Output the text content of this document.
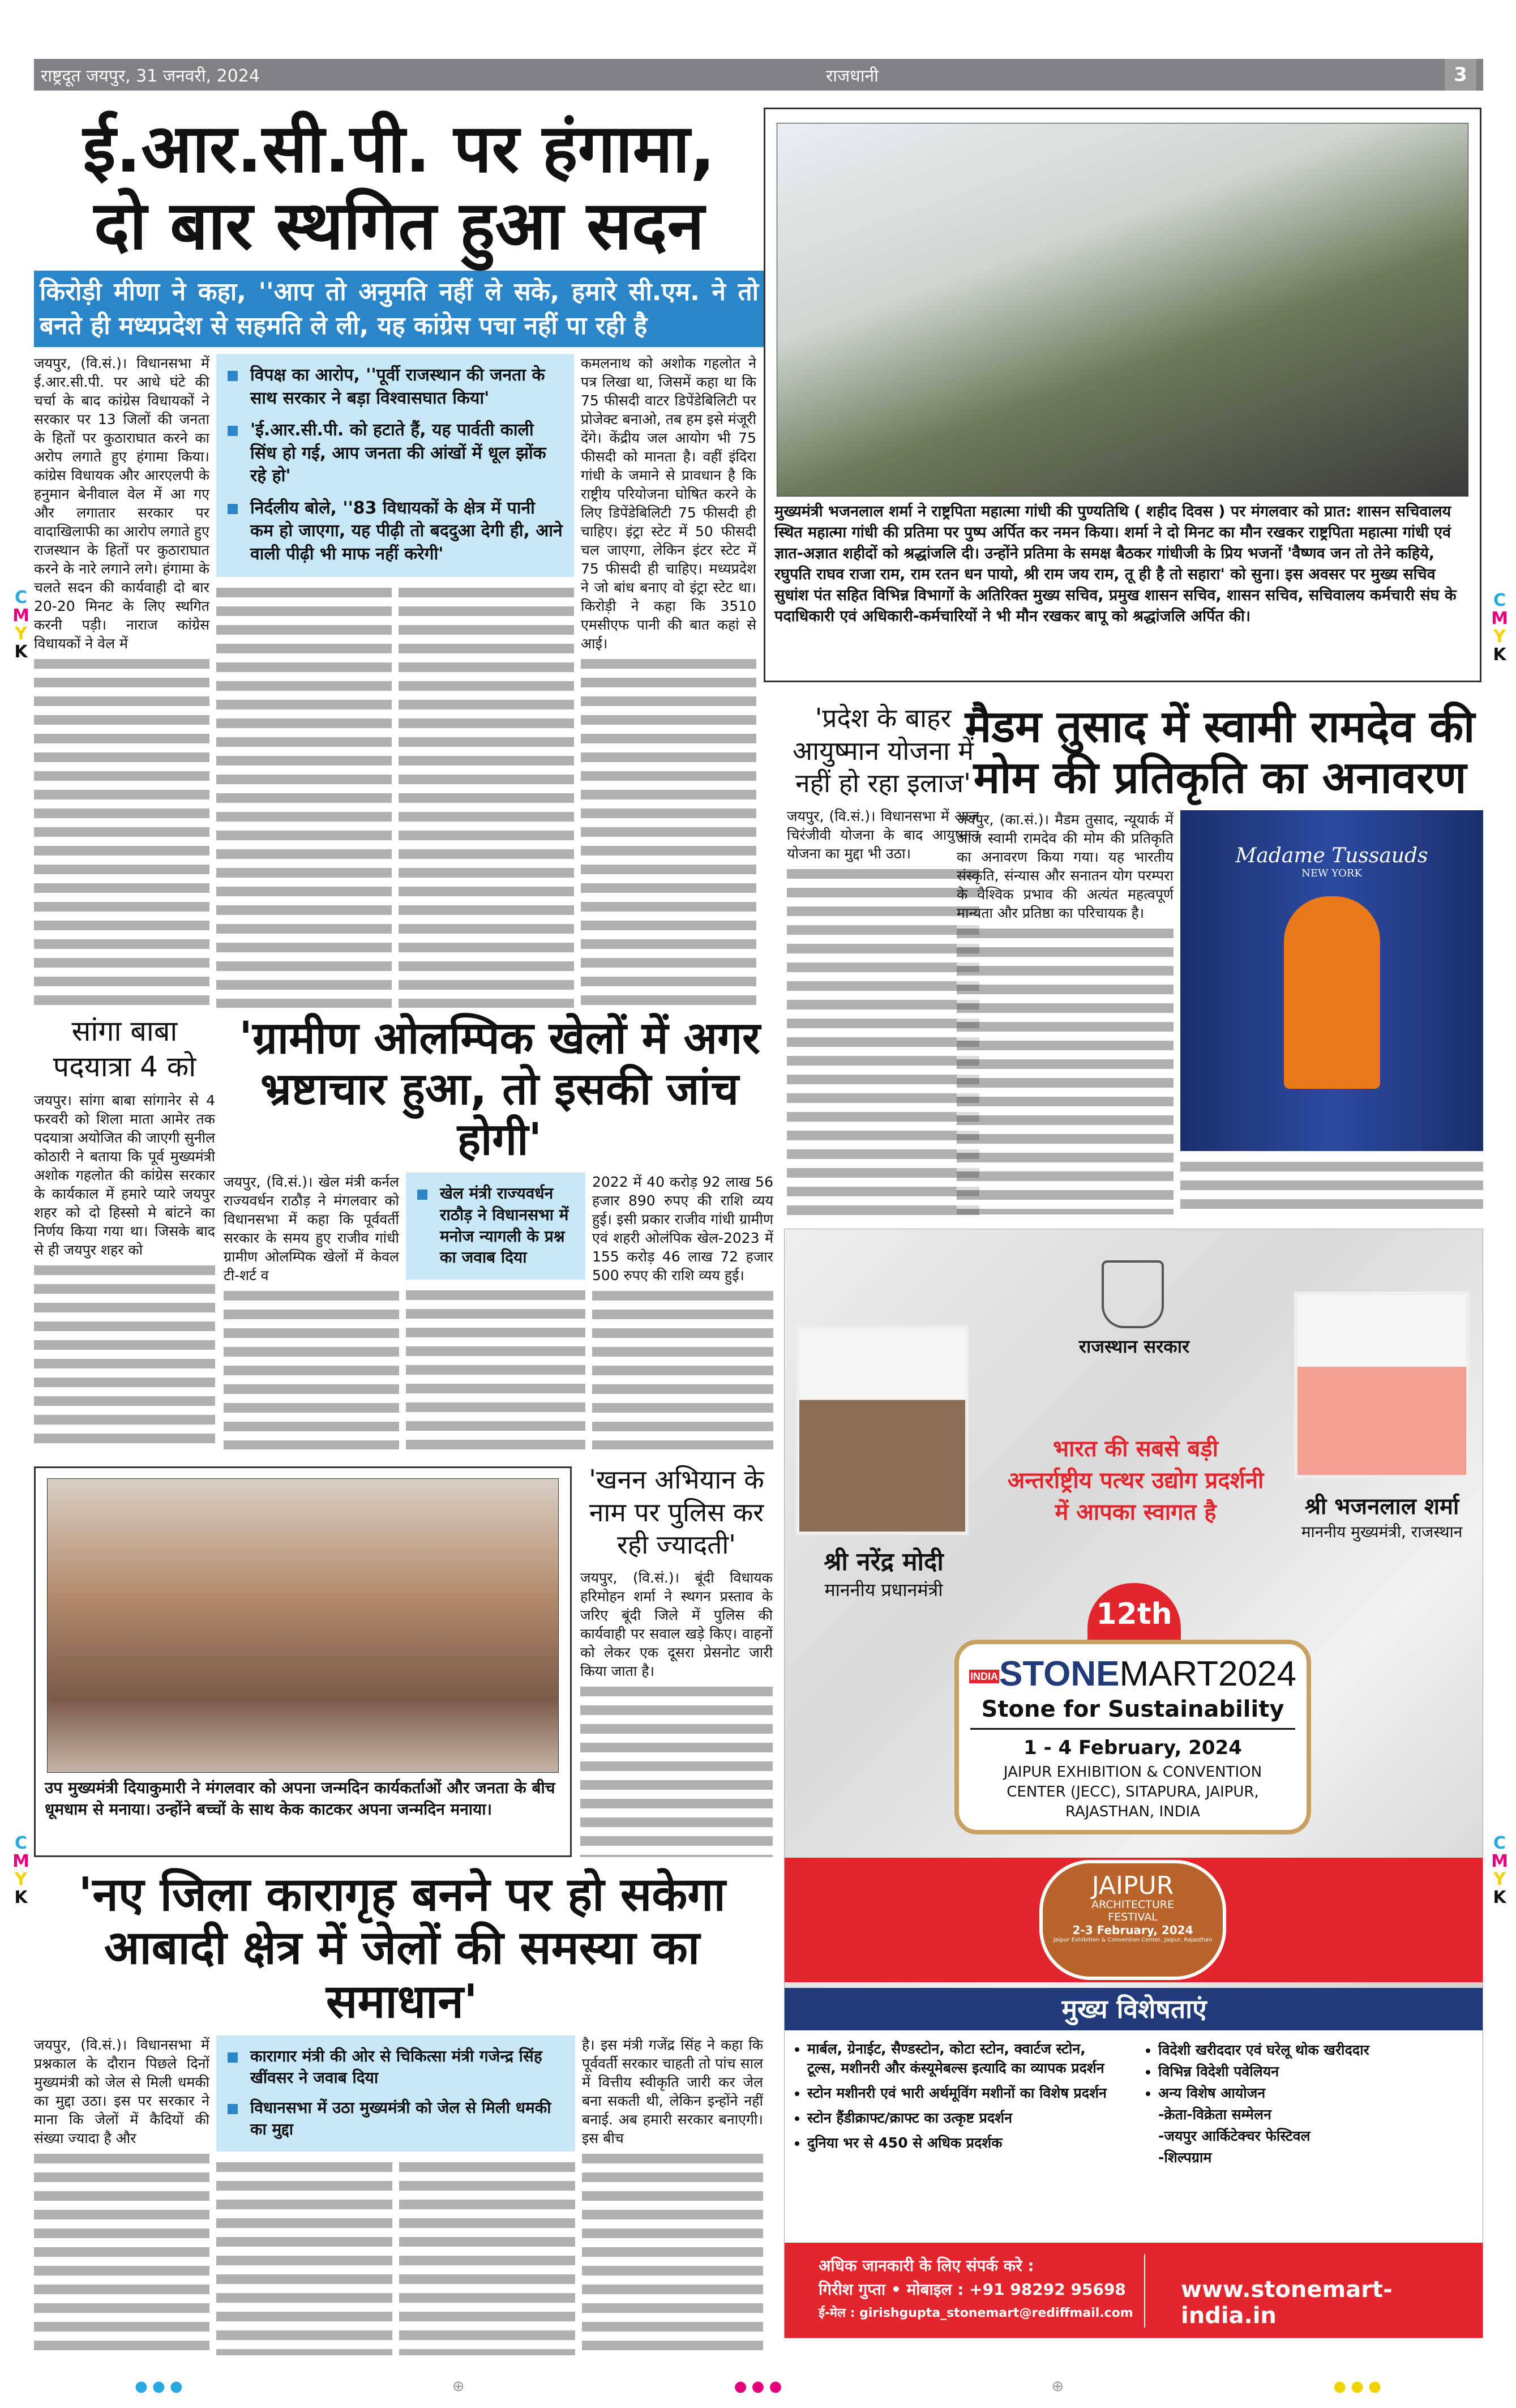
राष्ट्रदूत जयपुर, 31 जनवरी, 2024	राजधानी	3
C
M
Y
K
C
M
Y
K
C
M
Y
K
C
M
Y
K
ई.आर.सी.पी. पर हंगामा, दो बार स्थगित हुआ सदन
किरोड़ी मीणा ने कहा, ''आप तो अनुमति नहीं ले सके, हमारे सी.एम. ने तो बनते ही मध्यप्रदेश से सहमति ले ली, यह कांग्रेस पचा नहीं पा रही है

जयपुर, (वि.सं.)। विधानसभा में ई.आर.सी.पी. पर आधे घंटे की चर्चा के बाद कांग्रेस विधायकों ने सरकार पर 13 जिलों की जनता के हितों पर कुठाराघात करने का अरोप लगाते हुए हंगामा किया। कांग्रेस विधायक और आरएलपी के हनुमान बेनीवाल वेल में आ गए और लगातार सरकार पर वादाखिलाफी का आरोप लगाते हुए राजस्थान के हितों पर कुठाराघात करने के नारे लगाने लगे। हंगामा के चलते सदन की कार्यवाही दो बार 20-20 मिनट के लिए स्थगित करनी पड़ी। नाराज कांग्रेस विधायकों ने वेल में

विपक्ष का आरोप, ''पूर्वी राजस्थान की जनता के साथ सरकार ने बड़ा विश्वासघात किया'
'ई.आर.सी.पी. को हटाते हैं, यह पार्वती काली सिंध हो गई, आप जनता की आंखों में धूल झोंक रहे हो'
निर्दलीय बोले, ''83 विधायकों के क्षेत्र में पानी कम हो जाएगा, यह पीढ़ी तो बददुआ देगी ही, आने वाली पीढ़ी भी माफ नहीं करेगी'

कमलनाथ को अशोक गहलोत ने पत्र लिखा था, जिसमें कहा था कि 75 फीसदी वाटर डिपेंडेबिलिटी पर प्रोजेक्ट बनाओ, तब हम इसे मंजूरी देंगे। केंद्रीय जल आयोग भी 75 फीसदी को मानता है। वहीं इंदिरा गांधी के जमाने से प्रावधान है कि राष्ट्रीय परियोजना घोषित करने के लिए डिपेंडेबिलिटी 75 फीसदी ही चाहिए। इंट्रा स्टेट में 50 फीसदी चल जाएगा, लेकिन इंटर स्टेट में 75 फीसदी ही चाहिए। मध्यप्रदेश ने जो बांध बनाए वो इंट्रा स्टेट था। किरोड़ी ने कहा कि 3510 एमसीएफ पानी की बात कहां से आई।

मुख्यमंत्री भजनलाल शर्मा ने राष्ट्रपिता महात्मा गांधी की पुण्यतिथि ( शहीद दिवस ) पर मंगलवार को प्रात: शासन सचिवालय स्थित महात्मा गांधी की प्रतिमा पर पुष्प अर्पित कर नमन किया। शर्मा ने दो मिनट का मौन रखकर राष्ट्रपिता महात्मा गांधी एवं ज्ञात-अज्ञात शहीदों को श्रद्धांजलि दी। उन्होंने प्रतिमा के समक्ष बैठकर गांधीजी के प्रिय भजनों 'वैष्णव जन तो तेने कहिये, रघुपति राघव राजा राम, राम रतन धन पायो, श्री राम जय राम, तू ही है तो सहारा' को सुना। इस अवसर पर मुख्य सचिव सुधांश पंत सहित विभिन्न विभागों के अतिरिक्त मुख्य सचिव, प्रमुख शासन सचिव, शासन सचिव, सचिवालय कर्मचारी संघ के पदाधिकारी एवं अधिकारी-कर्मचारियों ने भी मौन रखकर बापू को श्रद्धांजलि अर्पित की।

'प्रदेश के बाहर आयुष्मान योजना में नहीं हो रहा इलाज'

जयपुर, (वि.सं.)। विधानसभा में आज चिरंजीवी योजना के बाद आयुष्मान योजना का मुद्दा भी उठा।

मैडम तुसाद में स्वामी रामदेव की मोम की प्रतिकृति का अनावरण

जयपुर, (का.सं.)। मैडम तुसाद, न्यूयार्क में आज स्वामी रामदेव की मोम की प्रतिकृति का अनावरण किया गया। यह भारतीय संस्कृति, संन्यास और सनातन योग परम्परा के वैश्विक प्रभाव की अत्यंत महत्वपूर्ण मान्यता और प्रतिष्ठा का परिचायक है।

Madame Tussauds
NEW YORK
सांगा बाबा पदयात्रा 4 को

जयपुर। सांगा बाबा सांगानेर से 4 फरवरी को शिला माता आमेर तक पदयात्रा अयोजित की जाएगी सुनील कोठारी ने बताया कि पूर्व मुख्यमंत्री अशोक गहलोत की कांग्रेस सरकार के कार्यकाल में हमारे प्यारे जयपुर शहर को दो हिस्सो मे बांटने का निर्णय किया गया था। जिसके बाद से ही जयपुर शहर को

'ग्रामीण ओलम्पिक खेलों में अगर भ्रष्टाचार हुआ, तो इसकी जांच होगी'

जयपुर, (वि.सं.)। खेल मंत्री कर्नल राज्यवर्धन राठौड़ ने मंगलवार को विधानसभा में कहा कि पूर्ववर्ती सरकार के समय हुए राजीव गांधी ग्रामीण ओलम्पिक खेलों में केवल टी-शर्ट व

खेल मंत्री राज्यवर्धन राठौड़ ने विधानसभा में मनोज न्यागली के प्रश्न का जवाब दिया

2022 में 40 करोड़ 92 लाख 56 हजार 890 रुपए की राशि व्यय हुई। इसी प्रकार राजीव गांधी ग्रामीण एवं शहरी ओलंपिक खेल-2023 में 155 करोड़ 46 लाख 72 हजार 500 रुपए की राशि व्यय हुई।

उप मुख्यमंत्री दियाकुमारी ने मंगलवार को अपना जन्मदिन कार्यकर्ताओं और जनता के बीच धूमधाम से मनाया। उन्होंने बच्चों के साथ केक काटकर अपना जन्मदिन मनाया।

'खनन अभियान के नाम पर पुलिस कर रही ज्यादती'

जयपुर, (वि.सं.)। बूंदी विधायक हरिमोहन शर्मा ने स्थगन प्रस्ताव के जरिए बूंदी जिले में पुलिस की कार्यवाही पर सवाल खड़े किए। वाहनों को लेकर एक दूसरा प्रेसनोट जारी किया जाता है।

'नए जिला कारागृह बनने पर हो सकेगा आबादी क्षेत्र में जेलों की समस्या का समाधान'

जयपुर, (वि.सं.)। विधानसभा में प्रश्नकाल के दौरान पिछले दिनों मुख्यमंत्री को जेल से मिली धमकी का मुद्दा उठा। इस पर सरकार ने माना कि जेलों में कैदियों की संख्या ज्यादा है और

कारागार मंत्री की ओर से चिकित्सा मंत्री गजेन्द्र सिंह खींवसर ने जवाब दिया
विधानसभा में उठा मुख्यमंत्री को जेल से मिली धमकी का मुद्दा

है। इस मंत्री गजेंद्र सिंह ने कहा कि पूर्ववर्ती सरकार चाहती तो पांच साल में वित्तीय स्वीकृति जारी कर जेल बना सकती थी, लेकिन इन्होंने नहीं बनाई. अब हमारी सरकार बनाएगी। इस बीच

राजस्थान सरकार
श्री नरेंद्र मोदी
माननीय प्रधानमंत्री
श्री भजनलाल शर्मा
माननीय मुख्यमंत्री, राजस्थान
भारत की सबसे बड़ी
अन्तर्राष्ट्रीय पत्थर उद्योग प्रदर्शनी
में आपका स्वागत है
12th
INDIASTONEMART2024
Stone for Sustainability
1 - 4 February, 2024
JAIPUR EXHIBITION & CONVENTION CENTER (JECC), SITAPURA, JAIPUR, RAJASTHAN, INDIA
JAIPUR
ARCHITECTURE
FESTIVAL
2-3 February, 2024
Jaipur Exhibition & Convention Center, Jaipur, Rajasthan
मुख्य विशेषताएं
• मार्बल, ग्रेनाईट, सैण्डस्टोन, कोटा स्टोन, क्वार्टज स्टोन, टूल्स, मशीनरी और कंस्यूमेबल्स इत्यादि का व्यापक प्रदर्शन
• स्टोन मशीनरी एवं भारी अर्थमूविंग मशीनों का विशेष प्रदर्शन
• स्टोन हैंडीक्राफ्ट/क्राफ्ट का उत्कृष्ट प्रदर्शन
• दुनिया भर से 450 से अधिक प्रदर्शक
• विदेशी खरीददार एवं घरेलू थोक खरीददार
• विभिन्न विदेशी पवेलियन
• अन्य विशेष आयोजन
-क्रेता-विक्रेता सम्मेलन
-जयपुर आर्किटेक्चर फेस्टिवल
-शिल्पग्राम
अधिक जानकारी के लिए संपर्क करे :
गिरीश गुप्ता • मोबाइल : +91 98292 95698
ई-मेल : girishgupta_stonemart@rediffmail.com
www.stonemart-india.in
● ● ●	⊕	● ● ●	⊕	● ● ●
